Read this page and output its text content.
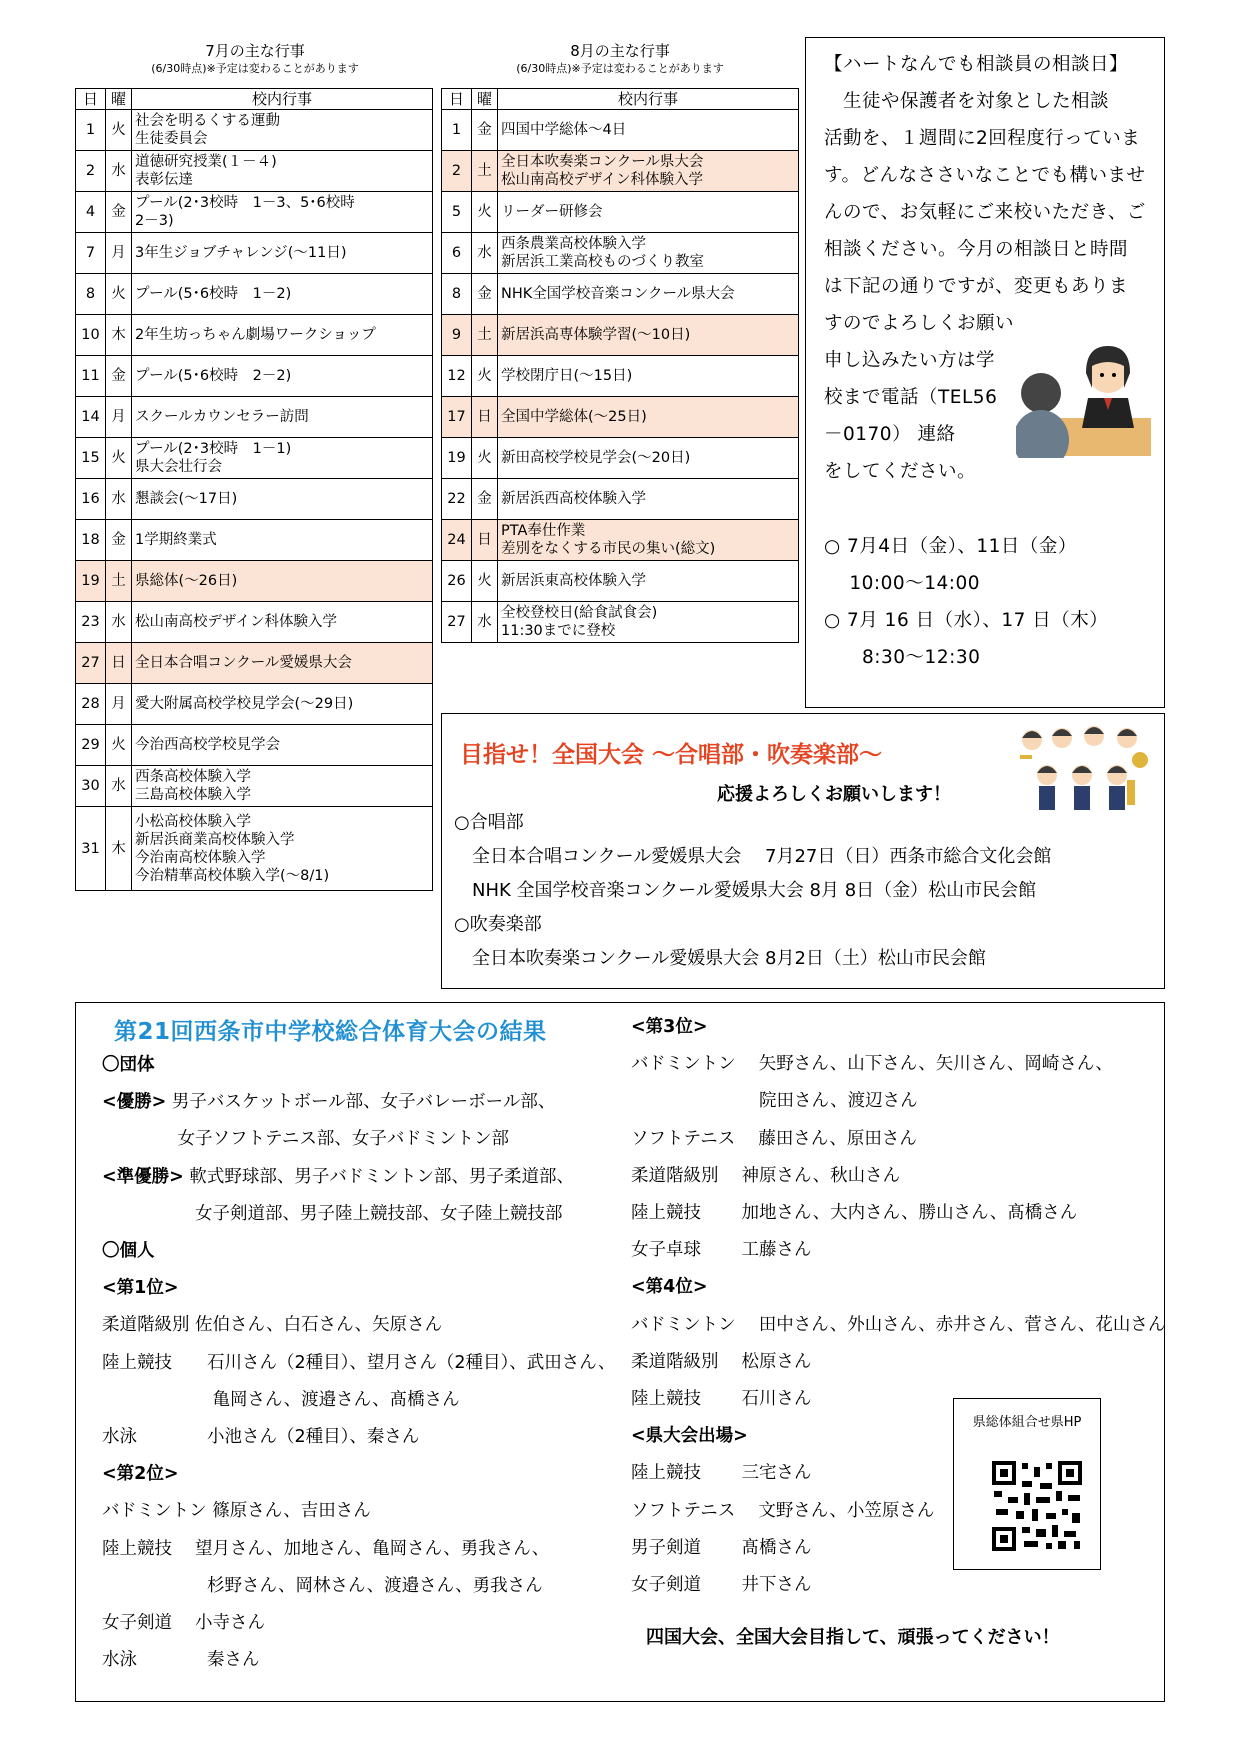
7月の主な行事
(6/30時点)※予定は変わることがあります
日	曜	校内行事
1	火	社会を明るくする運動
生徒委員会
2	水	道徳研究授業(１－４)
表彰伝達
4	金	プール(2･3校時　1－3、5･6校時
2－3)
7	月	3年生ジョブチャレンジ(～11日)
8	火	プール(5･6校時　1－2)
10	木	2年生坊っちゃん劇場ワークショップ
11	金	プール(5･6校時　2－2)
14	月	スクールカウンセラー訪問
15	火	プール(2･3校時　1－1)
県大会壮行会
16	水	懇談会(～17日)
18	金	1学期終業式
19	土	県総体(～26日)
23	水	松山南高校デザイン科体験入学
27	日	全日本合唱コンクール愛媛県大会
28	月	愛大附属高校学校見学会(～29日)
29	火	今治西高校学校見学会
30	水	西条高校体験入学
三島高校体験入学
31	木	小松高校体験入学
新居浜商業高校体験入学
今治南高校体験入学
今治精華高校体験入学(～8/1)
8月の主な行事
(6/30時点)※予定は変わることがあります
日	曜	校内行事
1	金	四国中学総体～4日
2	土	全日本吹奏楽コンクール県大会
松山南高校デザイン科体験入学
5	火	リーダー研修会
6	水	西条農業高校体験入学
新居浜工業高校ものづくり教室
8	金	NHK全国学校音楽コンクール県大会
9	土	新居浜高専体験学習(～10日)
12	火	学校閉庁日(～15日)
17	日	全国中学総体(～25日)
19	火	新田高校学校見学会(～20日)
22	金	新居浜西高校体験入学
24	日	PTA奉仕作業
差別をなくする市民の集い(総文)
26	火	新居浜東高校体験入学
27	水	全校登校日(給食試食会)
11:30までに登校
【ハートなんでも相談員の相談日】
　生徒や保護者を対象とした相談
活動を、１週間に2回程度行っていま
す。どんなささいなことでも構いませ
んので、お気軽にご来校いただき、ご
相談ください。今月の相談日と時間
は下記の通りですが、変更もありま
すのでよろしくお願い
申し込みたい方は学
校まで電話（TEL56
－0170） 連絡
をしてください。
○ 7月4日（金）、11日（金）
　 10:00～14:00
○ 7月 16 日（水）、17 日（木）
　　8:30～12:30
目指せ！全国大会 ～合唱部・吹奏楽部～
応援よろしくお願いします！
○合唱部
　全日本合唱コンクール愛媛県大会　 7月27日（日）西条市総合文化会館
　NHK 全国学校音楽コンクール愛媛県大会 8月 8日（金）松山市民会館
○吹奏楽部
　全日本吹奏楽コンクール愛媛県大会 8月2日（土）松山市民会館
第21回西条市中学校総合体育大会の結果
〇団体
<優勝> 男子バスケットボール部、女子バレーボール部、
　　　　 女子ソフトテニス部、女子バドミントン部
<準優勝> 軟式野球部、男子バドミントン部、男子柔道部、
　　　　　 女子剣道部、男子陸上競技部、女子陸上競技部
〇個人
<第1位>
柔道階級別 佐伯さん、白石さん、矢原さん
陸上競技　　石川さん（2種目）、望月さん（2種目）、武田さん、
　　　　　　 亀岡さん、渡邉さん、髙橋さん
水泳　　　　小池さん（2種目）、秦さん
<第2位>
バドミントン 篠原さん、吉田さん
陸上競技　 望月さん、加地さん、亀岡さん、勇我さん、
　　　　　　杉野さん、岡林さん、渡邉さん、勇我さん
女子剣道　 小寺さん
水泳　　　　秦さん
<第3位>
バドミントン　 矢野さん、山下さん、矢川さん、岡崎さん、
　　　　　　　 院田さん、渡辺さん
ソフトテニス　 藤田さん、原田さん
柔道階級別　 神原さん、秋山さん
陸上競技　　 加地さん、大内さん、勝山さん、髙橋さん
女子卓球　　 工藤さん
<第4位>
バドミントン　 田中さん、外山さん、赤井さん、菅さん、花山さん
柔道階級別　 松原さん
陸上競技　　 石川さん
<県大会出場>
陸上競技　　 三宅さん
ソフトテニス　 文野さん、小笠原さん
男子剣道　　 髙橋さん
女子剣道　　 井下さん
県総体組合せ県HP
四国大会、全国大会目指して、頑張ってください！
